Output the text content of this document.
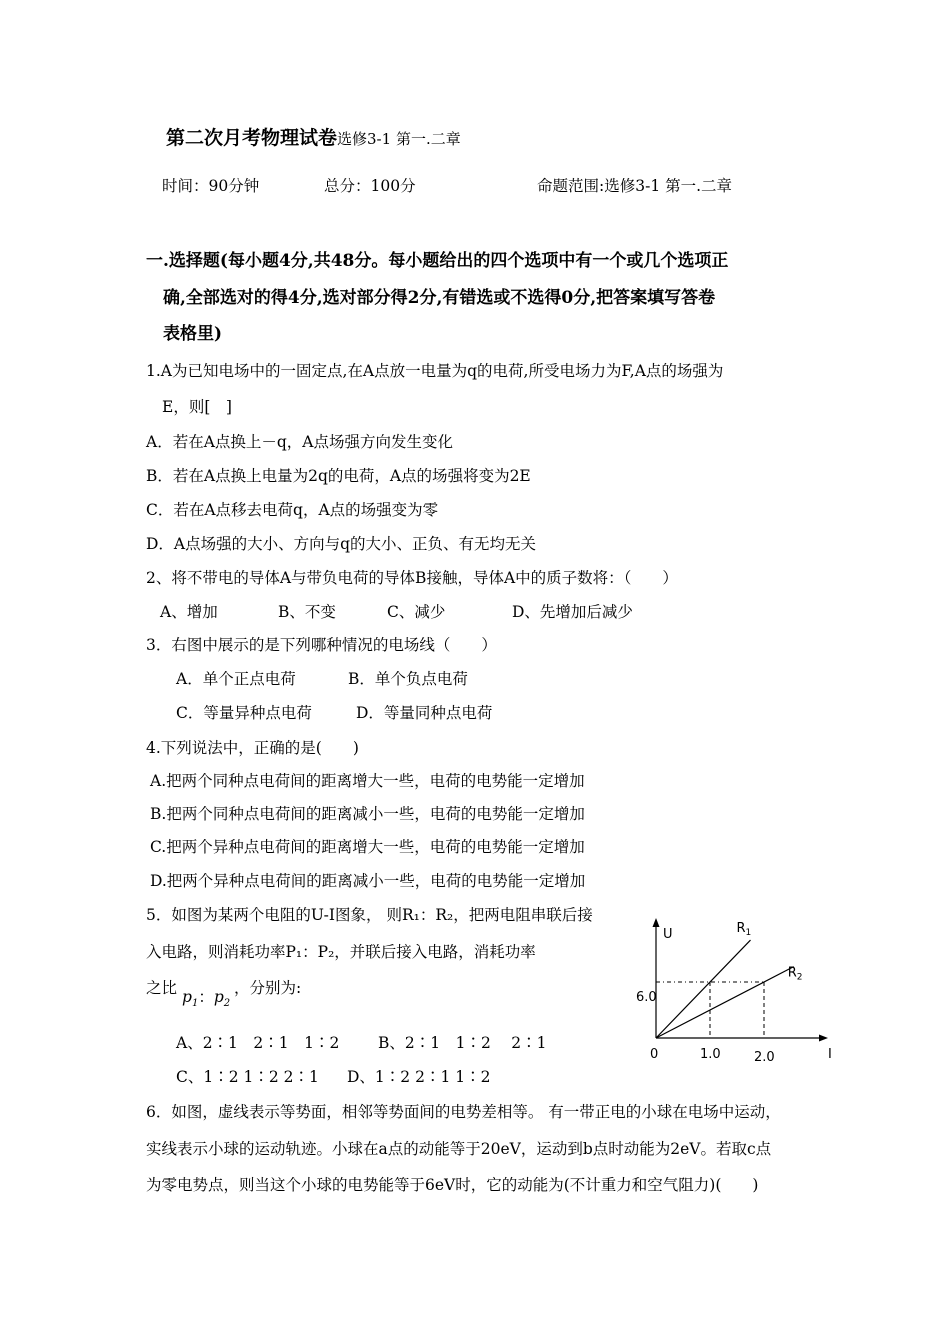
第二次月考物理试卷选修3-1 第一.二章
时间：90分钟	总分：100分	命题范围:选修3-1 第一.二章
一.选择题(每小题4分,共48分。每小题给出的四个选项中有一个或几个选项正
确,全部选对的得4分,选对部分得2分,有错选或不选得0分,把答案填写答卷
表格里)
1.A为已知电场中的一固定点,在A点放一电量为q的电荷,所受电场力为F,A点的场强为
E，则[　]
A．若在A点换上－q，A点场强方向发生变化
B．若在A点换上电量为2q的电荷，A点的场强将变为2E
C．若在A点移去电荷q，A点的场强变为零
D．A点场强的大小、方向与q的大小、正负、有无均无关
2、将不带电的导体A与带负电荷的导体B接触，导体A中的质子数将：（　　）
A、增加	B、不变	C、减少	D、先增加后减少
3．右图中展示的是下列哪种情况的电场线（　　）
A．单个正点电荷	B．单个负点电荷
C．等量异种点电荷	D．等量同种点电荷
4.下列说法中，正确的是(　　)
A.把两个同种点电荷间的距离增大一些，电荷的电势能一定增加
B.把两个同种点电荷间的距离减小一些，电荷的电势能一定增加
C.把两个异种点电荷间的距离增大一些，电荷的电势能一定增加
D.把两个异种点电荷间的距离减小一些，电荷的电势能一定增加
5．如图为某两个电阻的U-I图象， 则R₁：R₂，把两电阻串联后接
入电路，则消耗功率P₁：P₂，并联后接入电路，消耗功率
之比 $p_1$：$p_2$
，分别为:
A、2∶1　2∶1　1∶2 B、2∶1　1∶2　 2∶1
C、1∶2 1∶2 2∶1 D、1∶2 2∶1 1∶2
U
I
0	1.0	2.0
6.0
$R_1$
$R_2$
6．如图，虚线表示等势面，相邻等势面间的电势差相等。 有一带正电的小球在电场中运动，
实线表示小球的运动轨迹。小球在a点的动能等于20eV，运动到b点时动能为2eV。若取c点
为零电势点，则当这个小球的电势能等于6eV时，它的动能为(不计重力和空气阻力)(　　)
